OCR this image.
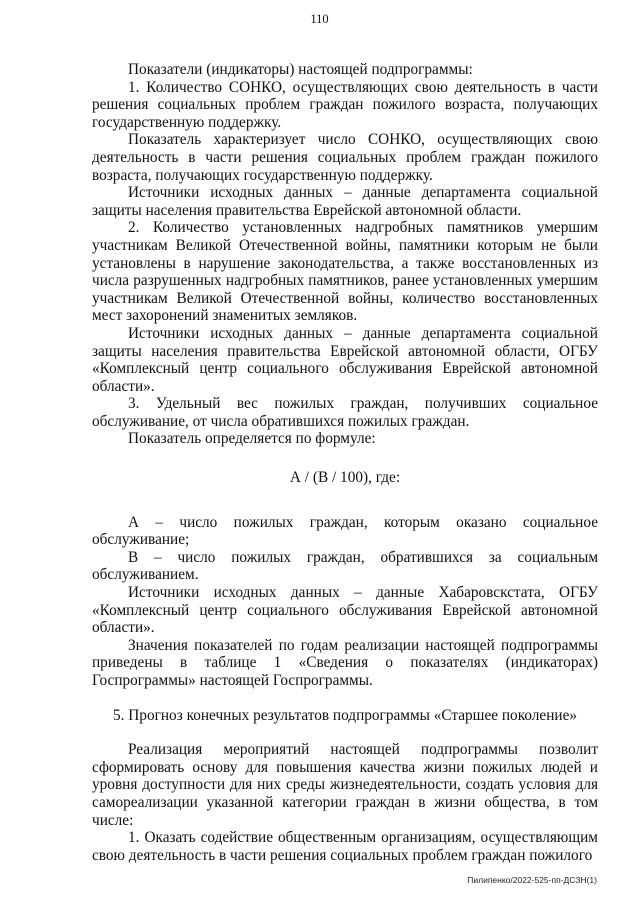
110

Показатели (индикаторы) настоящей подпрограммы:

1. Количество СОНКО, осуществляющих свою деятельность в части решения социальных проблем граждан пожилого возраста, получающих государственную поддержку.

Показатель характеризует число СОНКО, осуществляющих свою деятельность в части решения социальных проблем граждан пожилого возраста, получающих государственную поддержку.

Источники исходных данных – данные департамента социальной защиты населения правительства Еврейской автономной области.

2. Количество установленных надгробных памятников умершим участникам Великой Отечественной войны, памятники которым не были установлены в нарушение законодательства, а также восстановленных из числа разрушенных надгробных памятников, ранее установленных умершим участникам Великой Отечественной войны, количество восстановленных мест захоронений знаменитых земляков.

Источники исходных данных – данные департамента социальной защиты населения правительства Еврейской автономной области, ОГБУ «Комплексный центр социального обслуживания Еврейской автономной области».

3. Удельный вес пожилых граждан, получивших социальное обслуживание, от числа обратившихся пожилых граждан.

Показатель определяется по формуле:

А / (В / 100), где:

А – число пожилых граждан, которым оказано социальное обслуживание;

В – число пожилых граждан, обратившихся за социальным обслуживанием.

Источники исходных данных – данные Хабаровскстата, ОГБУ «Комплексный центр социального обслуживания Еврейской автономной области».

Значения показателей по годам реализации настоящей подпрограммы приведены в таблице 1 «Сведения о показателях (индикаторах) Госпрограммы» настоящей Госпрограммы.

5. Прогноз конечных результатов подпрограммы «Старшее поколение»

Реализация мероприятий настоящей подпрограммы позволит сформировать основу для повышения качества жизни пожилых людей и уровня доступности для них среды жизнедеятельности, создать условия для самореализации указанной категории граждан в жизни общества, в том числе:

1. Оказать содействие общественным организациям, осуществляющим свою деятельность в части решения социальных проблем граждан пожилого

Пилипенко/2022-525-пп-ДСЗН(1)
